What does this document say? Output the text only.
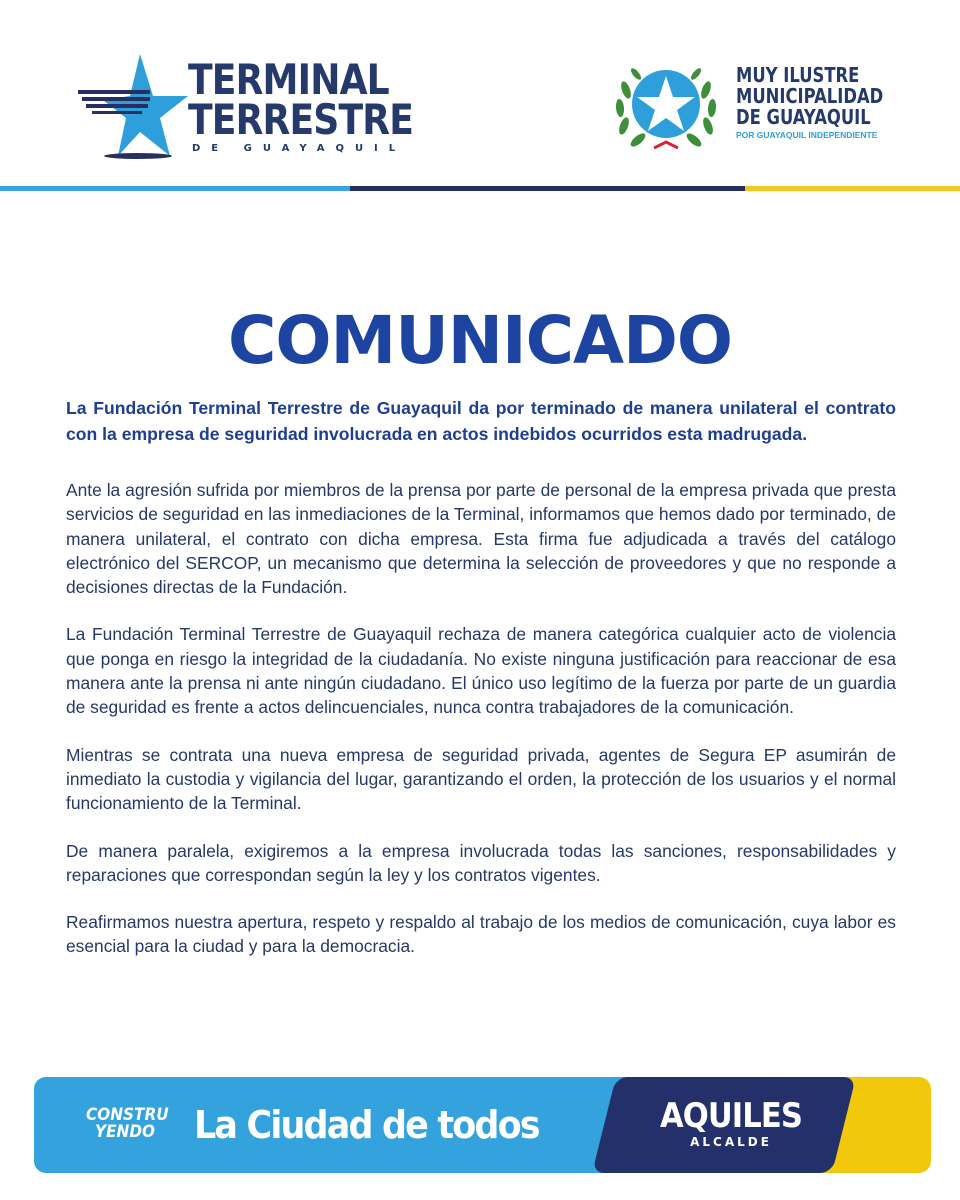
TERMINAL
TERRESTRE
DE GUAYAQUIL
MUY ILUSTRE
MUNICIPALIDAD
DE GUAYAQUIL
POR GUAYAQUIL INDEPENDIENTE
COMUNICADO

La Fundación Terminal Terrestre de Guayaquil da por terminado de manera unilateral el contrato con la empresa de seguridad involucrada en actos indebidos ocurridos esta madrugada.

Ante la agresión sufrida por miembros de la prensa por parte de personal de la empresa privada que presta servicios de seguridad en las inmediaciones de la Terminal, informamos que hemos dado por terminado, de manera unilateral, el contrato con dicha empresa. Esta firma fue adjudicada a través del catálogo electrónico del SERCOP, un mecanismo que determina la selección de proveedores y que no responde a decisiones directas de la Fundación.

La Fundación Terminal Terrestre de Guayaquil rechaza de manera categórica cualquier acto de violencia que ponga en riesgo la integridad de la ciudadanía. No existe ninguna justificación para reaccionar de esa manera ante la prensa ni ante ningún ciudadano. El único uso legítimo de la fuerza por parte de un guardia de seguridad es frente a actos delincuenciales, nunca contra trabajadores de la comunicación.

Mientras se contrata una nueva empresa de seguridad privada, agentes de Segura EP asumirán de inmediato la custodia y vigilancia del lugar, garantizando el orden, la protección de los usuarios y el normal funcionamiento de la Terminal.

De manera paralela, exigiremos a la empresa involucrada todas las sanciones, responsabilidades y reparaciones que correspondan según la ley y los contratos vigentes.

Reafirmamos nuestra apertura, respeto y respaldo al trabajo de los medios de comunicación, cuya labor es esencial para la ciudad y para la democracia.

CONSTRU
YENDO	La Ciudad de todos	AQUILES
ALCALDE
